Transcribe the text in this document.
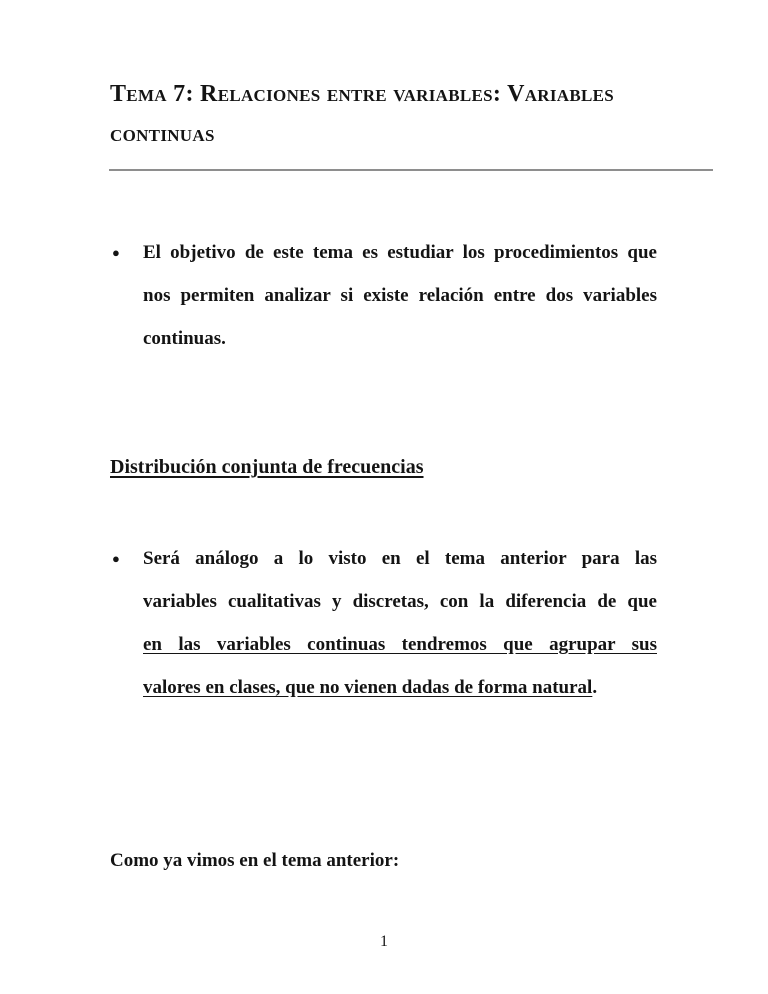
Tema 7: Relaciones entre variables: Variables
continuas
● El objetivo de este tema es estudiar los procedimientos que
nos permiten analizar si existe relación entre dos variables
continuas.
Distribución conjunta de frecuencias
● Será análogo a lo visto en el tema anterior para las
variables cualitativas y discretas, con la diferencia de que
en las variables continuas tendremos que agrupar sus
valores en clases, que no vienen dadas de forma natural.
Como ya vimos en el tema anterior:
1
